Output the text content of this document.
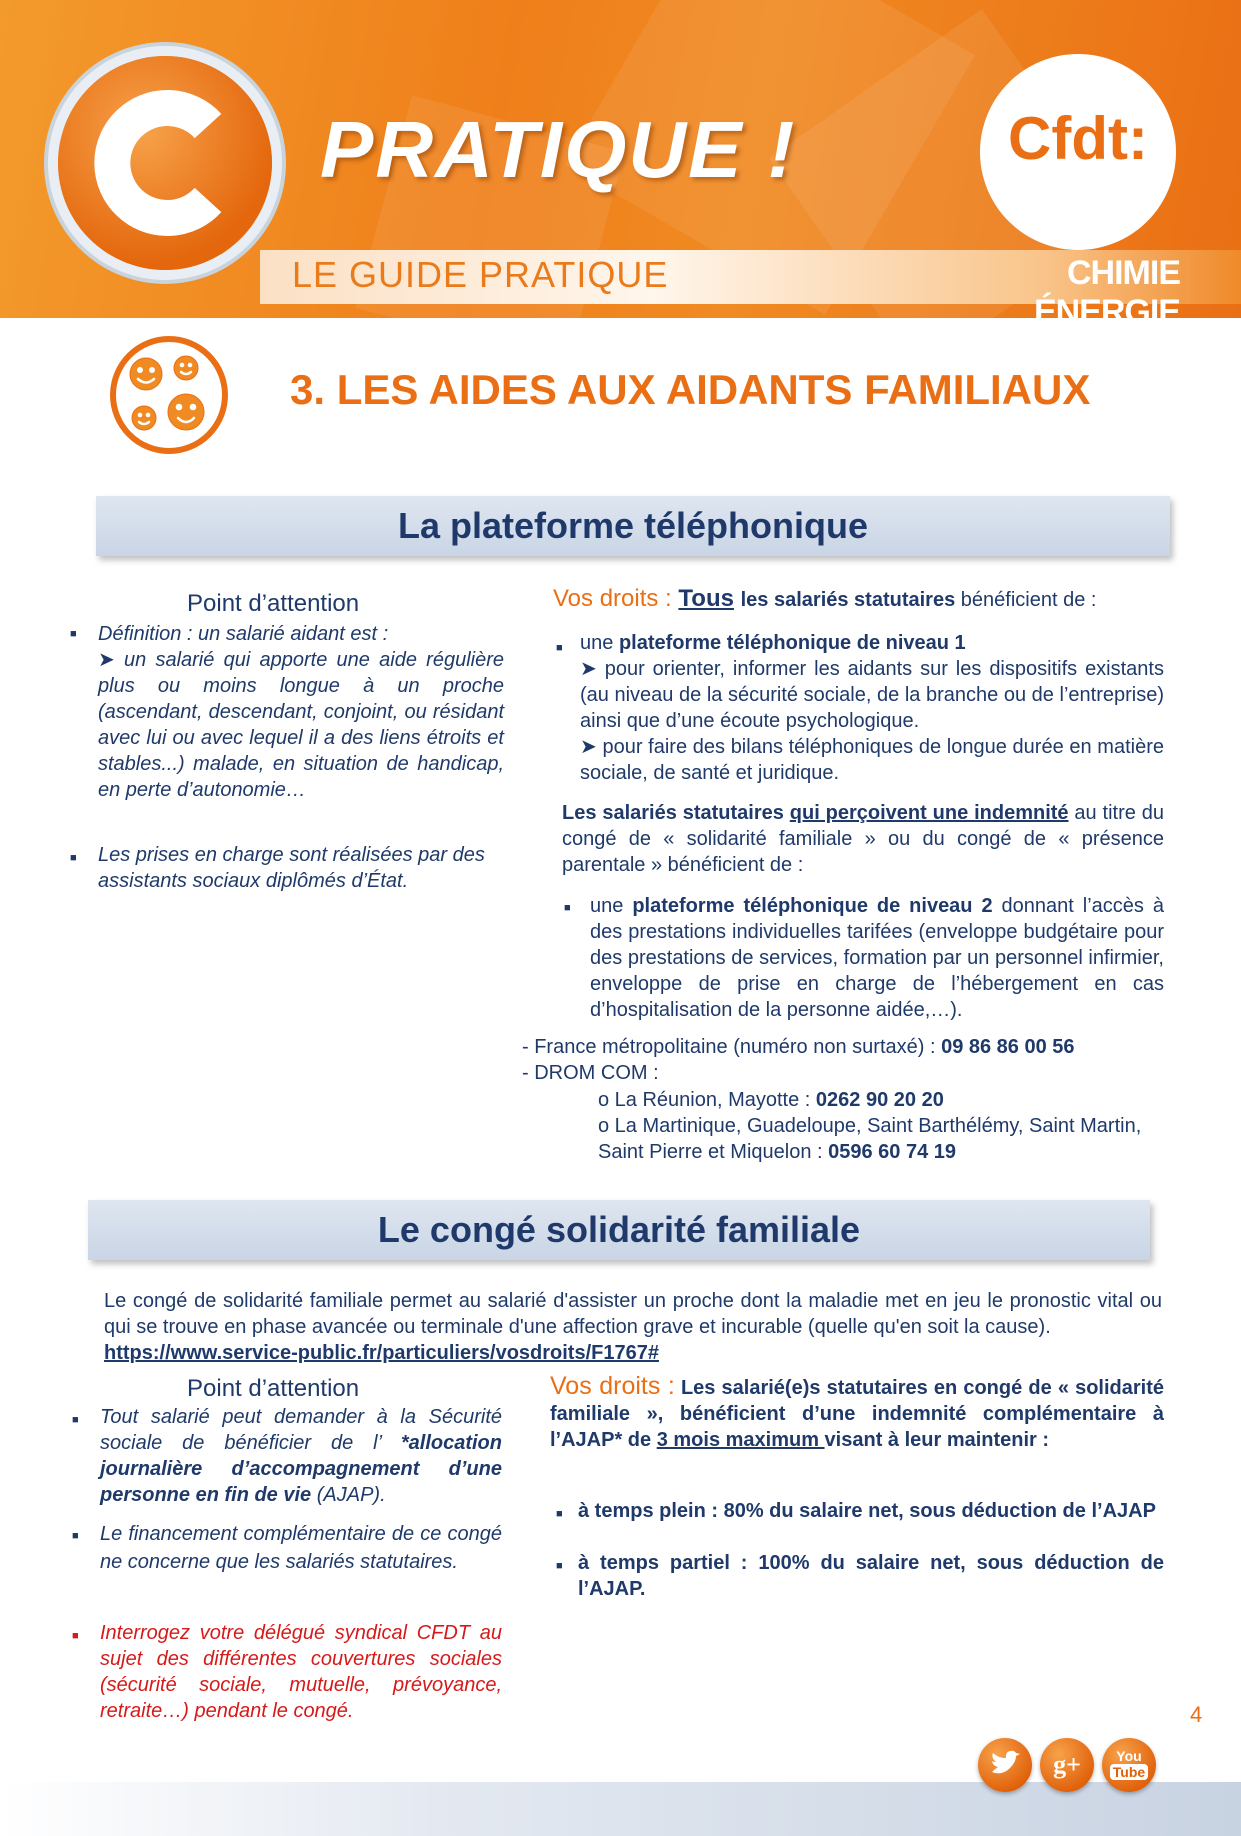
PRATIQUE !
LE GUIDE PRATIQUE
Cfdt:
CHIMIE ÉNERGIE
3. LES AIDES AUX AIDANTS FAMILIAUX
La plateforme téléphonique
Point d’attention
■ Définition : un salarié aidant est :
➤ un salarié qui apporte une aide régulière plus ou moins longue à un proche (ascendant, descendant, conjoint, ou résidant avec lui ou avec lequel il a des liens étroits et stables...) malade, en situation de handicap, en perte d’autonomie…
■ Les prises en charge sont réalisées par des assistants sociaux diplômés d’État.
Vos droits : Tous les salariés statutaires bénéficient de :
■ une plateforme téléphonique de niveau 1
➤ pour orienter, informer les aidants sur les dispositifs existants (au niveau de la sécurité sociale, de la branche ou de l’entreprise) ainsi que d’une écoute psychologique.
➤ pour faire des bilans téléphoniques de longue durée en matière sociale, de santé et juridique.
Les salariés statutaires qui perçoivent une indemnité au titre du congé de « solidarité familiale » ou du congé de « présence parentale » bénéficient de :
■ une plateforme téléphonique de niveau 2 donnant l’accès à des prestations individuelles tarifées (enveloppe budgétaire pour des prestations de services, formation par un personnel infirmier, enveloppe de prise en charge de l’hébergement en cas d’hospitalisation de la personne aidée,…).
- France métropolitaine (numéro non surtaxé) : 09 86 86 00 56
- DROM COM :
o La Réunion, Mayotte : 0262 90 20 20
o La Martinique, Guadeloupe, Saint Barthélémy, Saint Martin, Saint Pierre et Miquelon : 0596 60 74 19
Le congé solidarité familiale
Le congé de solidarité familiale permet au salarié d'assister un proche dont la maladie met en jeu le pronostic vital ou qui se trouve en phase avancée ou terminale d'une affection grave et incurable (quelle qu'en soit la cause).
https://www.service-public.fr/particuliers/vosdroits/F1767#
Point d’attention
■ Tout salarié peut demander à la Sécurité sociale de bénéficier de l’ *allocation journalière d’accompagnement d’une personne en fin de vie (AJAP).
■ Le financement complémentaire de ce congé ne concerne que les salariés statutaires.
■ Interrogez votre délégué syndical CFDT au sujet des différentes couvertures sociales (sécurité sociale, mutuelle, prévoyance, retraite…) pendant le congé.
Vos droits : Les salarié(e)s statutaires en congé de « solidarité familiale », bénéficient d’une indemnité complémentaire à l’AJAP* de 3 mois maximum visant à leur maintenir :
■ à temps plein : 80% du salaire net, sous déduction de l’AJAP
■ à temps partiel : 100% du salaire net, sous déduction de l’AJAP.
4
g+	You
Tube
